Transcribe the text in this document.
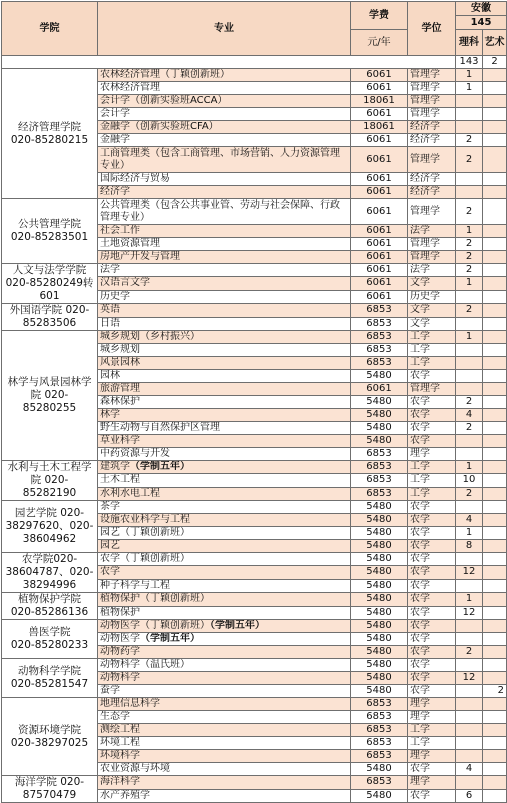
学院	专业	学费	学位	安徽	
				145	
		元/年		理科	艺术
				143	2
经济管理学院
020-85280215	农林经济管理（丁颖创新班）	6061	管理学	1	
	农林经济管理	6061	管理学	1	
	会计学（创新实验班ACCA）	18061	管理学		
	会计学	6061	管理学		
	金融学（创新实验班CFA）	18061	经济学		
	金融学	6061	经济学	2	
	工商管理类（包含工商管理、市场营销、人力资源管理专业）	6061	管理学	2	
	国际经济与贸易	6061	经济学		
	经济学	6061	经济学		
公共管理学院
020-85283501	公共管理类（包含公共事业管、劳动与社会保障、行政管理专业）	6061	管理学	2	
	社会工作	6061	法学	1	
	土地资源管理	6061	管理学	2	
	房地产开发与管理	6061	管理学	2	
人文与法学学院
020-85280249转601	法学	6061	法学	2	
	汉语言文学	6061	文学	1	
	历史学	6061	历史学		
外国语学院 020-85283506	英语	6853	文学	2	
	日语	6853	文学		
林学与风景园林学院 020-85280255	城乡规划（乡村振兴）	6853	工学	1	
	城乡规划	6853	工学		
	风景园林	6853	工学		
	园林	5480	农学		
	旅游管理	6061	管理学		
	森林保护	5480	农学	2	
	林学	5480	农学	4	
	野生动物与自然保护区管理	5480	农学	2	
	草业科学	5480	农学		
	中药资源与开发	6853	理学		
水利与土木工程学院 020-85282190	建筑学（学制五年）	6853	工学	1	
	土木工程	6853	工学	10	
	水利水电工程	6853	工学	2	
园艺学院 020-38297620、020-38604962	茶学	5480	农学		
	设施农业科学与工程	5480	农学	4	
	园艺（丁颖创新班）	5480	农学	1	
	园艺	5480	农学	8	
农学院020-38604787、020-38294996	农学（丁颖创新班）	5480	农学		
	农学	5480	农学	12	
	种子科学与工程	5480	农学		
植物保护学院
020-85286136	植物保护（丁颖创新班）	5480	农学	1	
	植物保护	5480	农学	12	
兽医学院
020-85280233	动物医学（丁颖创新班）（学制五年）	5480	农学		
	动物医学（学制五年）	5480	农学		
	动物药学	5480	农学	2	
动物科学学院
020-85281547	动物科学（温氏班）	5480	农学		
	动物科学	5480	农学	12	
	蚕学	5480	农学		2
资源环境学院
020-38297025	地理信息科学	6853	理学		
	生态学	6853	理学		
	测绘工程	6853	工学		
	环境工程	6853	工学		
	环境科学	6853	理学		
	农业资源与环境	5480	农学	4	
海洋学院 020-87570479	海洋科学	6853	理学		
	水产养殖学	5480	农学	6	
